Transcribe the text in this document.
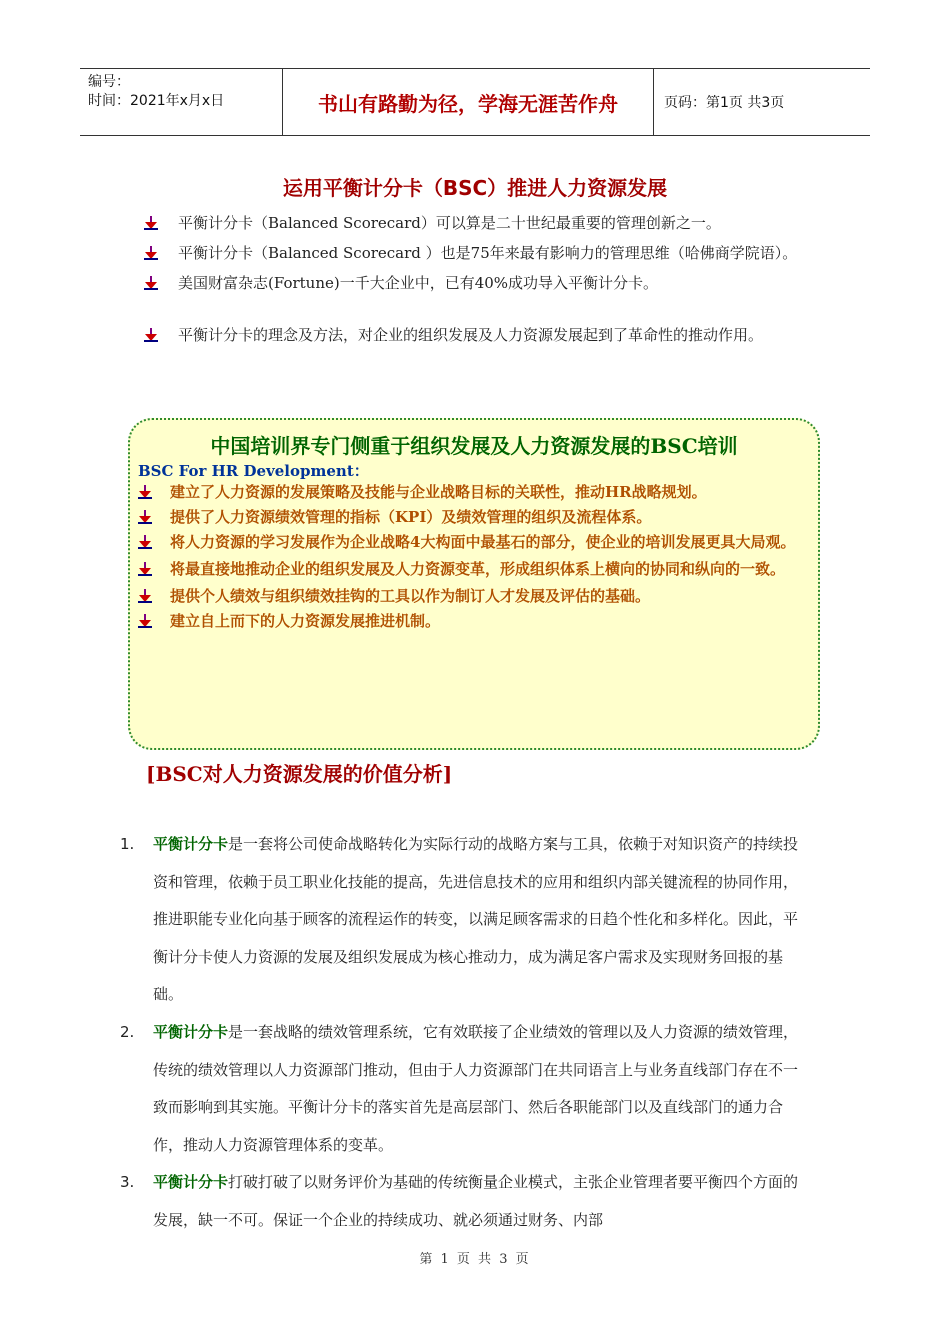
编号：
时间：2021年x月x日	书山有路勤为径，学海无涯苦作舟	页码：第1页 共3页
运用平衡计分卡（BSC）推进人力资源发展
平衡计分卡（Balanced Scorecard）可以算是二十世纪最重要的管理创新之一。
平衡计分卡（Balanced Scorecard ）也是75年来最有影响力的管理思维（哈佛商学院语）。
美国财富杂志(Fortune)一千大企业中，已有40%成功导入平衡计分卡。
平衡计分卡的理念及方法，对企业的组织发展及人力资源发展起到了革命性的推动作用。
中国培训界专门侧重于组织发展及人力资源发展的BSC培训
BSC For HR Development：
建立了人力资源的发展策略及技能与企业战略目标的关联性，推动HR战略规划。
提供了人力资源绩效管理的指标（KPI）及绩效管理的组织及流程体系。
将人力资源的学习发展作为企业战略4大构面中最基石的部分，使企业的培训发展更具大局观。
将最直接地推动企业的组织发展及人力资源变革，形成组织体系上横向的协同和纵向的一致。
提供个人绩效与组织绩效挂钩的工具以作为制订人才发展及评估的基础。
建立自上而下的人力资源发展推进机制。
[BSC对人力资源发展的价值分析]
1. 平衡计分卡是一套将公司使命战略转化为实际行动的战略方案与工具，依赖于对知识资产的持续投资和管理，依赖于员工职业化技能的提高，先进信息技术的应用和组织内部关键流程的协同作用，推进职能专业化向基于顾客的流程运作的转变，以满足顾客需求的日趋个性化和多样化。因此，平衡计分卡使人力资源的发展及组织发展成为核心推动力，成为满足客户需求及实现财务回报的基础。
2. 平衡计分卡是一套战略的绩效管理系统，它有效联接了企业绩效的管理以及人力资源的绩效管理，传统的绩效管理以人力资源部门推动，但由于人力资源部门在共同语言上与业务直线部门存在不一致而影响到其实施。平衡计分卡的落实首先是高层部门、然后各职能部门以及直线部门的通力合作，推动人力资源管理体系的变革。
3. 平衡计分卡打破打破了以财务评价为基础的传统衡量企业模式，主张企业管理者要平衡四个方面的发展，缺一不可。保证一个企业的持续成功、就必须通过财务、内部
第 1 页 共 3 页
